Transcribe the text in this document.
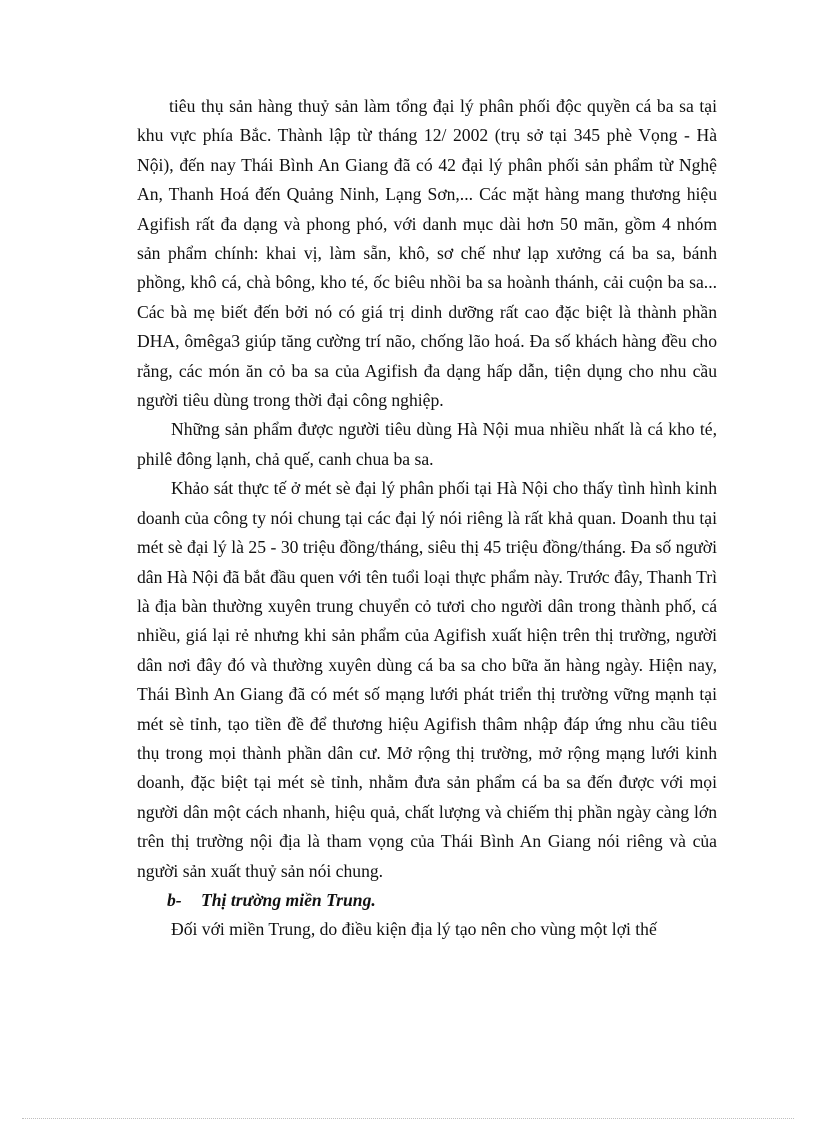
tiêu thụ sản hàng thuỷ sản làm tổng đại lý phân phối độc quyền cá ba sa tại khu vực phía Bắc. Thành lập từ tháng 12/ 2002 (trụ sở tại 345 phè Vọng - Hà Nội), đến nay Thái Bình An Giang đã có 42 đại lý phân phối sản phẩm từ Nghệ An, Thanh Hoá đến Quảng Ninh, Lạng Sơn,... Các mặt hàng mang thương hiệu Agifish rất đa dạng và phong phó, với danh mục dài hơn 50 mãn, gồm 4 nhóm sản phẩm chính: khai vị, làm sẵn, khô, sơ chế như lạp xưởng cá ba sa, bánh phồng, khô cá, chà bông, kho té, ốc biêu nhồi ba sa hoành thánh, cải cuộn ba sa... Các bà mẹ biết đến bởi nó có giá trị dinh dưỡng rất cao đặc biệt là thành phần DHA, ômêga3 giúp tăng cường trí não, chống lão hoá. Đa số khách hàng đều cho rằng, các món ăn cỏ ba sa của Agifish đa dạng hấp dẫn, tiện dụng cho nhu cầu người tiêu dùng trong thời đại công nghiệp.

Những sản phẩm được người tiêu dùng Hà Nội mua nhiều nhất là cá kho té, philê đông lạnh, chả quế, canh chua ba sa.

Khảo sát thực tế ở mét sè đại lý phân phối tại Hà Nội cho thấy tình hình kinh doanh của công ty nói chung tại các đại lý nói riêng là rất khả quan. Doanh thu tại mét sè đại lý là 25 - 30 triệu đồng/tháng, siêu thị 45 triệu đồng/tháng. Đa số người dân Hà Nội đã bắt đầu quen với tên tuổi loại thực phẩm này. Trước đây, Thanh Trì là địa bàn thường xuyên trung chuyển cỏ tươi cho người dân trong thành phố, cá nhiều, giá lại rẻ nhưng khi sản phẩm của Agifish xuất hiện trên thị trường, người dân nơi đây đó và thường xuyên dùng cá ba sa cho bữa ăn hàng ngày. Hiện nay, Thái Bình An Giang đã có mét số mạng lưới phát triển thị trường vững mạnh tại mét sè tỉnh, tạo tiền đề để thương hiệu Agifish thâm nhập đáp ứng nhu cầu tiêu thụ trong mọi thành phần dân cư. Mở rộng thị trường, mở rộng mạng lưới kinh doanh, đặc biệt tại mét sè tỉnh, nhằm đưa sản phẩm cá ba sa đến được với mọi người dân một cách nhanh, hiệu quả, chất lượng và chiếm thị phần ngày càng lớn trên thị trường nội địa là tham vọng của Thái Bình An Giang nói riêng và của người sản xuất thuỷ sản nói chung.

b- Thị trường miền Trung.

Đối với miền Trung, do điều kiện địa lý tạo nên cho vùng một lợi thế
